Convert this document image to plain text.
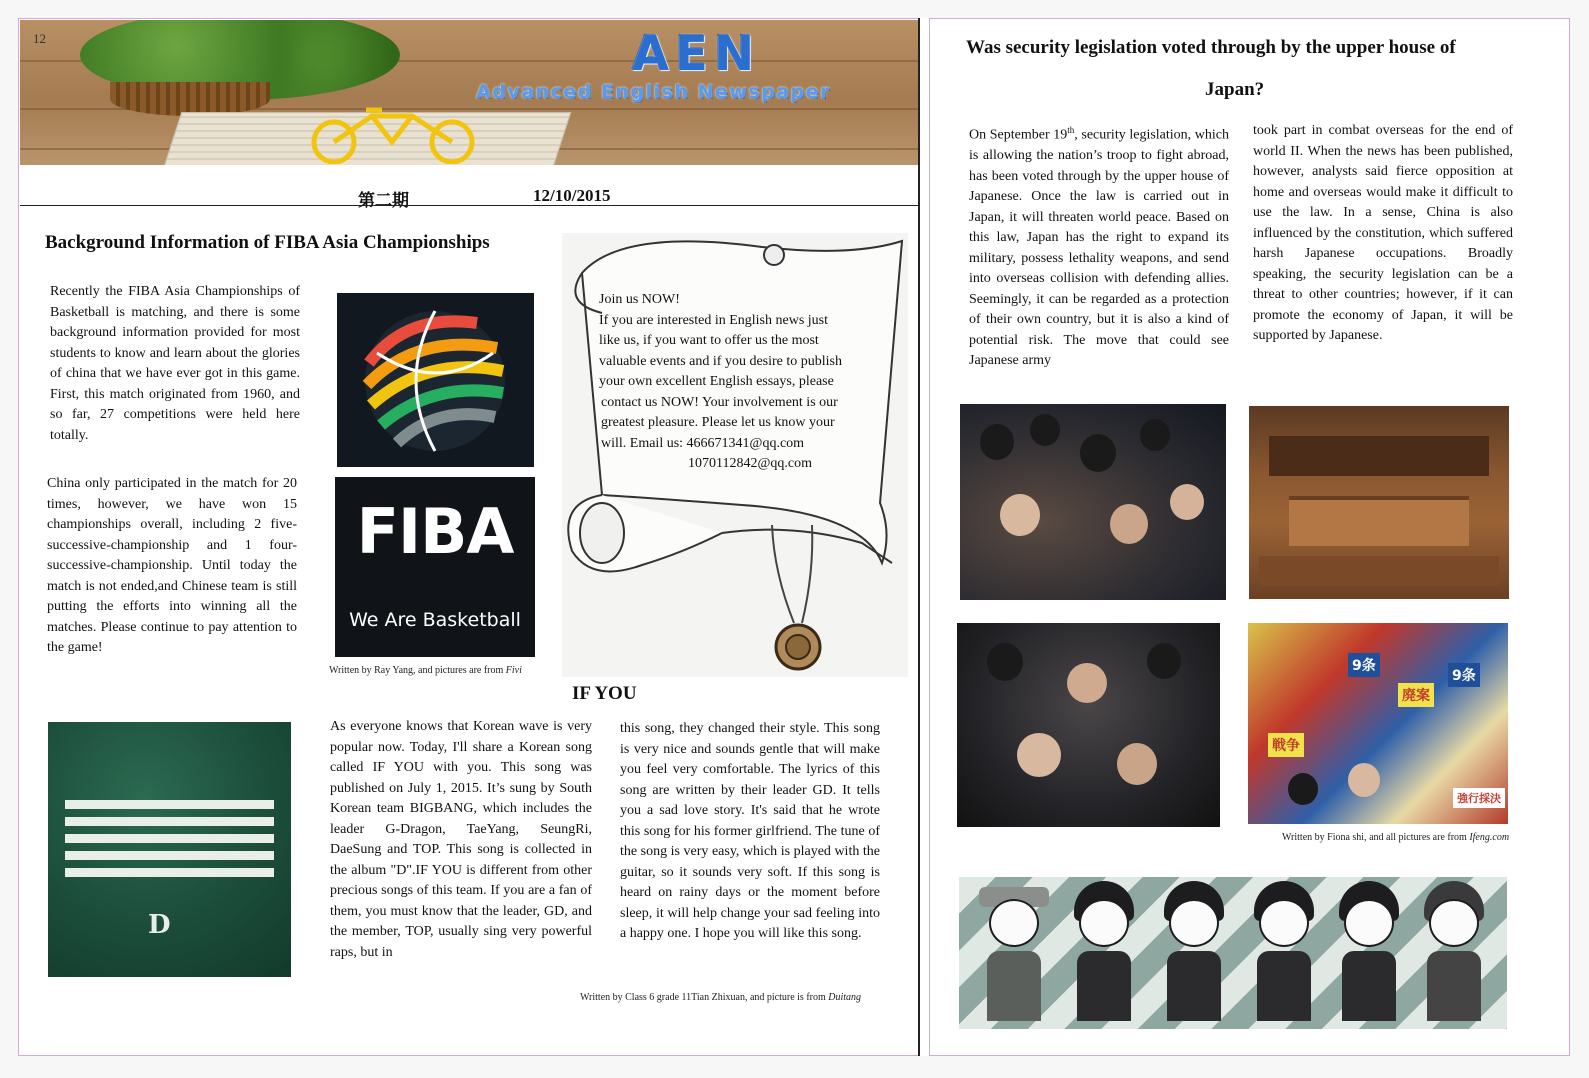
12	AEN
Advanced English Newspaper
第二期	12/10/2015
Background Information of FIBA Asia Championships
Recently the FIBA Asia Championships of Basketball is matching, and there is some background information provided for most students to know and learn about the glories of china that we have ever got in this game. First, this match originated from 1960, and so far, 27 competitions were held here totally.
China only participated in the match for 20 times, however, we have won 15 championships overall, including 2 five-successive-championship and 1 four-successive-championship. Until today the match is not ended,and Chinese team is still putting the efforts into winning all the matches. Please continue to pay attention to the game!
FIBA
We Are Basketball
Written by Ray Yang, and pictures are from Fivi
Join us NOW!
If you are interested in English news just
like us, if you want to offer us the most
valuable events and if you desire to publish
your own excellent English essays, please
contact us NOW! Your involvement is our
greatest pleasure. Please let us know your
will. Email us: 466671341@qq.com
1070112842@qq.com
IF YOU
D
As everyone knows that Korean wave is very popular now. Today, I'll share a Korean song called IF YOU with you. This song was published on July 1, 2015. It’s sung by South Korean team BIGBANG, which includes the leader G-Dragon, TaeYang, SeungRi, DaeSung and TOP. This song is collected in the album "D".IF YOU is different from other precious songs of this team. If you are a fan of them, you must know that the leader, GD, and the member, TOP, usually sing very powerful raps, but in
this song, they changed their style. This song is very nice and sounds gentle that will make you feel very comfortable. The lyrics of this song are written by their leader GD. It tells you a sad love story. It's said that he wrote this song for his former girlfriend. The tune of the song is very easy, which is played with the guitar, so it sounds very soft. If this song is heard on rainy days or the moment before sleep, it will help change your sad feeling into a happy one. I hope you will like this song.
Written by Class 6 grade 11Tian Zhixuan, and picture is from Duitang
Was security legislation voted through by the upper house of
Japan?
On September 19th, security legislation, which is allowing the nation’s troop to fight abroad, has been voted through by the upper house of Japanese. Once the law is carried out in Japan, it will threaten world peace. Based on this law, Japan has the right to expand its military, possess lethality weapons, and send into overseas collision with defending allies. Seemingly, it can be regarded as a protection of their own country, but it is also a kind of potential risk. The move that could see Japanese army
took part in combat overseas for the end of world II. When the news has been published, however, analysts said fierce opposition at home and overseas would make it difficult to use the law. In a sense, China is also influenced by the constitution, which suffered harsh Japanese occupations. Broadly speaking, the security legislation can be a threat to other countries; however, if it can promote the economy of Japan, it will be supported by Japanese.
9条
廃案
戦争
9条
強行採決
Written by Fiona shi, and all pictures are from Ifeng.com
